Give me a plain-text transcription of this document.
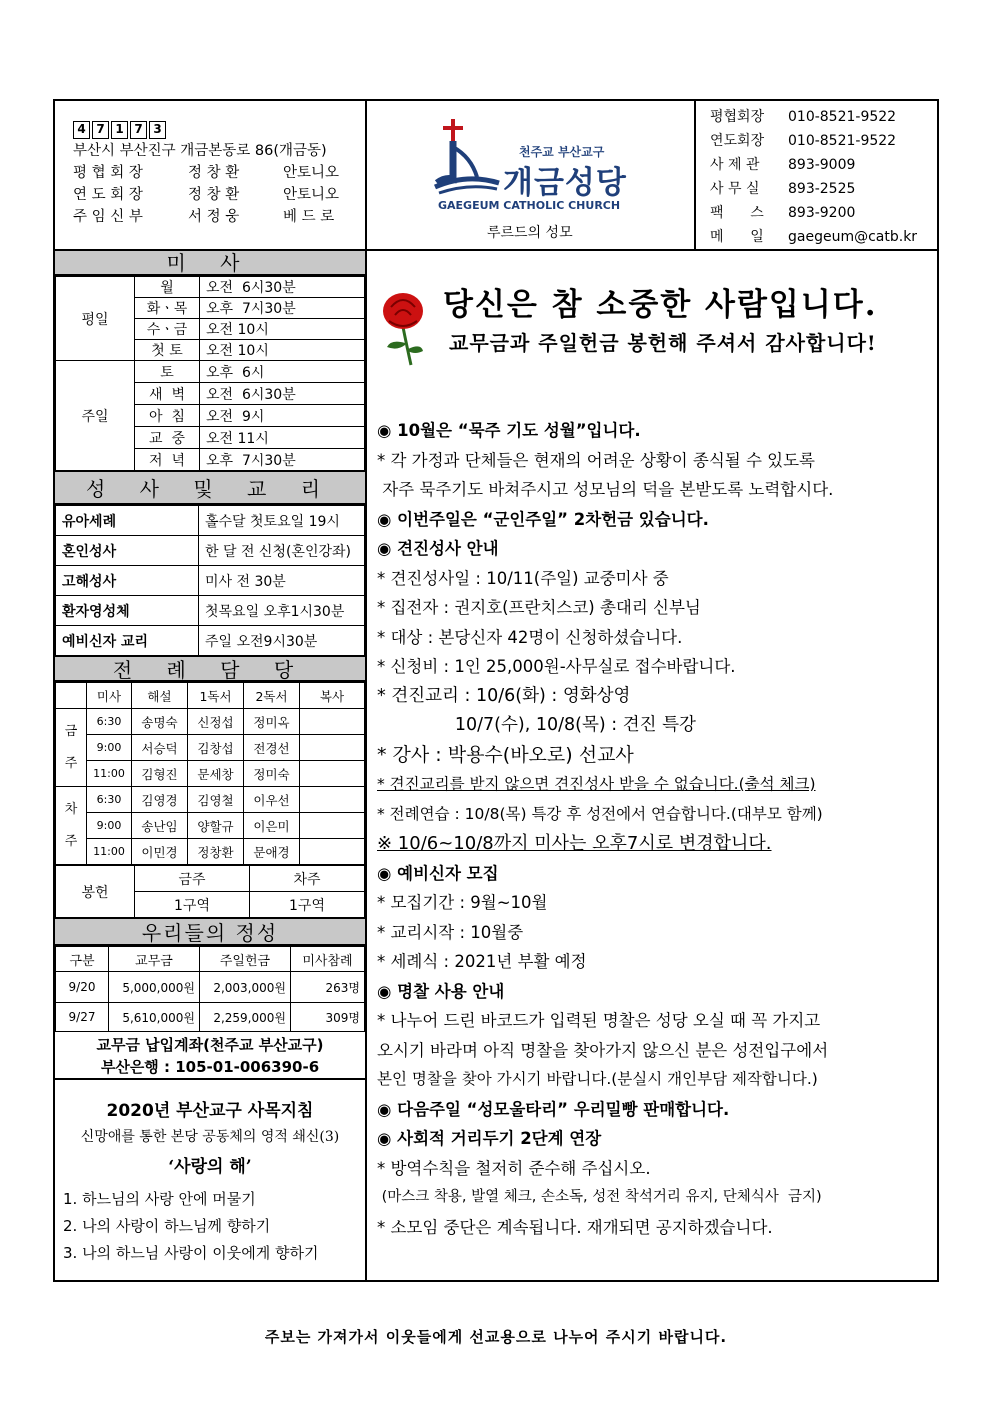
4 7 1 7 3
부산시 부산진구 개금본동로 86(개금동)
평 협 회 장	정 창 환	안토니오
연 도 회 장	정 창 환	안토니오
주 임 신 부	서 정 웅	베 드 로
천주교 부산교구
개금성당
GAEGEUM CATHOLIC CHURCH
루르드의 성모
평협회장	010-8521-9522
연도회장	010-8521-9522
사 제 관	893-9009
사 무 실	893-2525
팩      스	893-9200
메      일	gaegeum@catb.kr
미 사
평일	월	오전  6시30분
	화ㆍ목	오후  7시30분
	수ㆍ금	오전 10시
	첫 토	오전 10시
주일	토	오후  6시
	새  벽	오전  6시30분
	아  침	오전  9시
	교  중	오전 11시
	저  녁	오후  7시30분
성 사 및 교 리
유아세례	홀수달 첫토요일 19시
혼인성사	한 달 전 신청(혼인강좌)
고해성사	미사 전 30분
환자영성체	첫목요일 오후1시30분
예비신자 교리	주일 오전9시30분
전 례 담 당
	미사	해설	1독서	2독서	복사
금 주	6:30	송명숙	신정섭	정미옥	
	9:00	서승덕	김창섭	전경선	
	11:00	김형진	문세창	정미숙	
차 주	6:30	김영경	김영철	이우선	
	9:00	송난임	양할규	이은미	
	11:00	이민경	정창환	문애경	
봉헌	금주	차주
	1구역	1구역
우리들의 정성
구분	교무금	주일헌금	미사참례
9/20	5,000,000원	2,003,000원	263명
9/27	5,610,000원	2,259,000원	309명
교무금 납입계좌(천주교 부산교구)
부산은행 : 105-01-006390-6
2020년 부산교구 사목지침
신망애를 통한 본당 공동체의 영적 쇄신(3)
‘사랑의 해’
1. 하느님의 사랑 안에 머물기
2. 나의 사랑이 하느님께 향하기
3. 나의 하느님 사랑이 이웃에게 향하기
당신은 참 소중한 사람입니다.
교무금과 주일헌금 봉헌해 주셔서 감사합니다!
◉ 10월은 “묵주 기도 성월”입니다.
* 각 가정과 단체들은 현재의 어려운 상황이 종식될 수 있도록
자주 묵주기도 바쳐주시고 성모님의 덕을 본받도록 노력합시다.
◉ 이번주일은 “군인주일” 2차헌금 있습니다.
◉ 견진성사 안내
* 견진성사일 : 10/11(주일) 교중미사 중
* 집전자 : 권지호(프란치스코) 총대리 신부님
* 대상 : 본당신자 42명이 신청하셨습니다.
* 신청비 : 1인 25,000원-사무실로 접수바랍니다.
* 견진교리 : 10/6(화) : 영화상영
10/7(수), 10/8(목) : 견진 특강
* 강사 : 박용수(바오로) 선교사
* 견진교리를 받지 않으면 견진성사 받을 수 없습니다.(출석 체크)
* 전례연습 : 10/8(목) 특강 후 성전에서 연습합니다.(대부모 함께)
※ 10/6~10/8까지 미사는 오후7시로 변경합니다.
◉ 예비신자 모집
* 모집기간 : 9월~10월
* 교리시작 : 10월중
* 세례식 : 2021년 부활 예정
◉ 명찰 사용 안내
* 나누어 드린 바코드가 입력된 명찰은 성당 오실 때 꼭 가지고
오시기 바라며 아직 명찰을 찾아가지 않으신 분은 성전입구에서
본인 명찰을 찾아 가시기 바랍니다.(분실시 개인부담 제작합니다.)
◉ 다음주일 “성모울타리” 우리밀빵 판매합니다.
◉ 사회적 거리두기 2단계 연장
* 방역수칙을 철저히 준수해 주십시오.
(마스크 착용, 발열 체크, 손소독, 성전 착석거리 유지, 단체식사  금지)
* 소모임 중단은 계속됩니다. 재개되면 공지하겠습니다.
주보는 가져가서 이웃들에게 선교용으로 나누어 주시기 바랍니다.
